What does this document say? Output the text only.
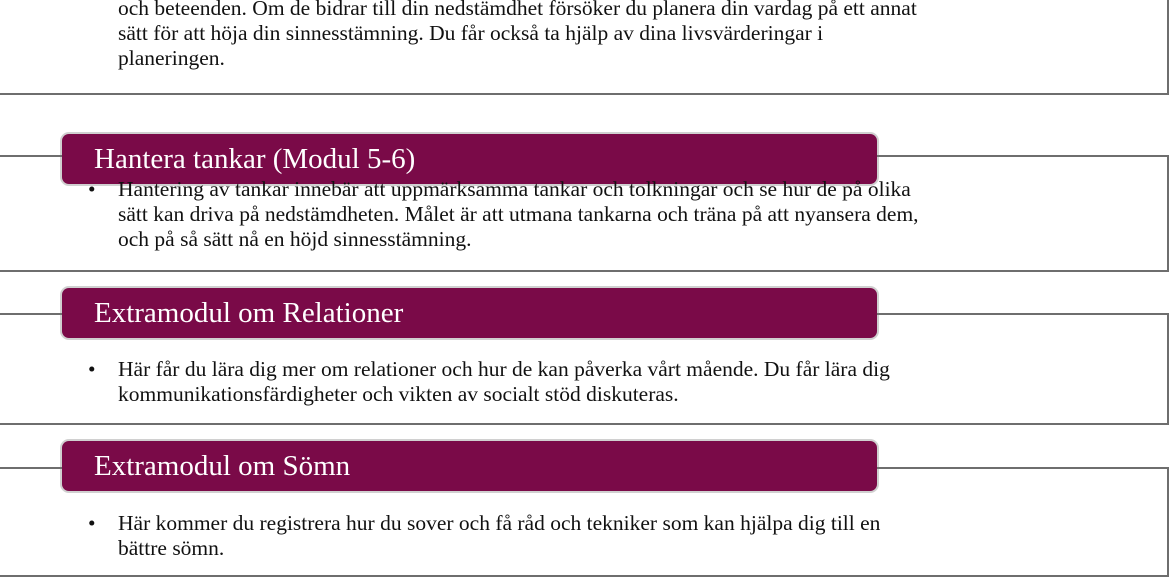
och beteenden. Om de bidrar till din nedstämdhet försöker du planera din vardag på ett annat
sätt för att höja din sinnesstämning. Du får också ta hjälp av dina livsvärderingar i
planeringen.
Hantera tankar (Modul 5-6)
• Hantering av tankar innebär att uppmärksamma tankar och tolkningar och se hur de på olika
sätt kan driva på nedstämdheten. Målet är att utmana tankarna och träna på att nyansera dem,
och på så sätt nå en höjd sinnesstämning.
Extramodul om Relationer
• Här får du lära dig mer om relationer och hur de kan påverka vårt mående. Du får lära dig
kommunikationsfärdigheter och vikten av socialt stöd diskuteras.
Extramodul om Sömn
• Här kommer du registrera hur du sover och få råd och tekniker som kan hjälpa dig till en
bättre sömn.
